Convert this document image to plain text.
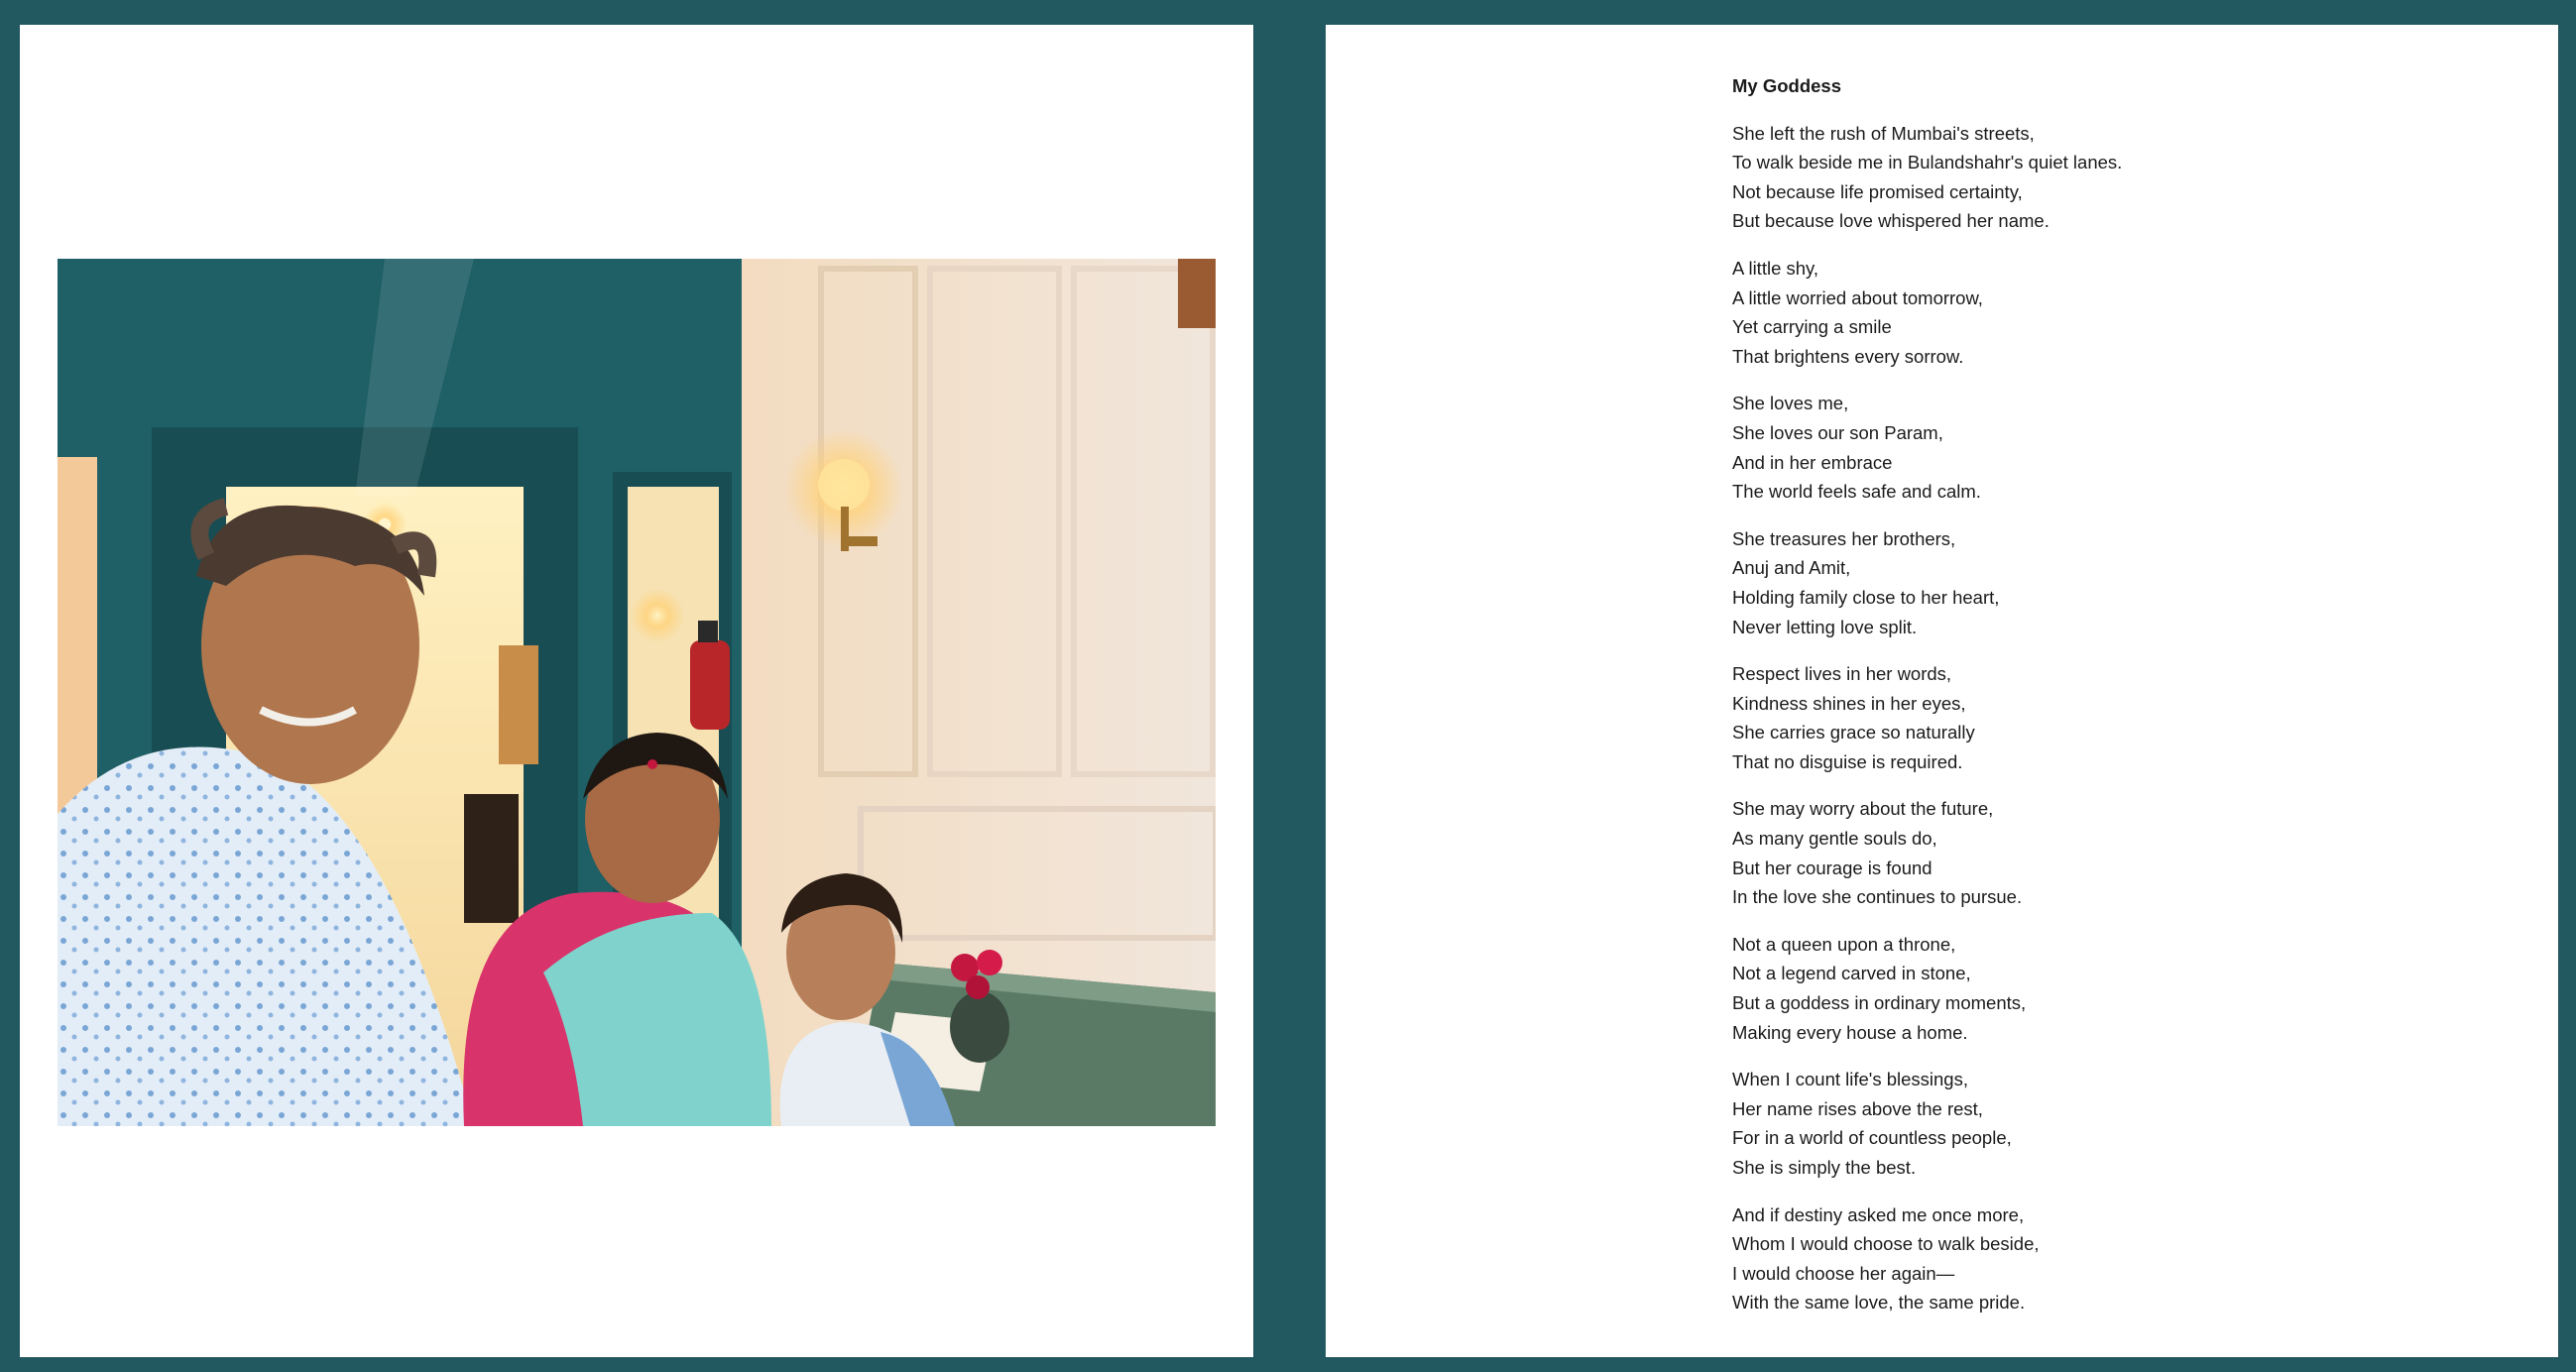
My Goddess
She left the rush of Mumbai's streets,
To walk beside me in Bulandshahr's quiet lanes.
Not because life promised certainty,
But because love whispered her name.
A little shy,
A little worried about tomorrow,
Yet carrying a smile
That brightens every sorrow.
She loves me,
She loves our son Param,
And in her embrace
The world feels safe and calm.
She treasures her brothers,
Anuj and Amit,
Holding family close to her heart,
Never letting love split.
Respect lives in her words,
Kindness shines in her eyes,
She carries grace so naturally
That no disguise is required.
She may worry about the future,
As many gentle souls do,
But her courage is found
In the love she continues to pursue.
Not a queen upon a throne,
Not a legend carved in stone,
But a goddess in ordinary moments,
Making every house a home.
When I count life's blessings,
Her name rises above the rest,
For in a world of countless people,
She is simply the best.
And if destiny asked me once more,
Whom I would choose to walk beside,
I would choose her again—
With the same love, the same pride.
